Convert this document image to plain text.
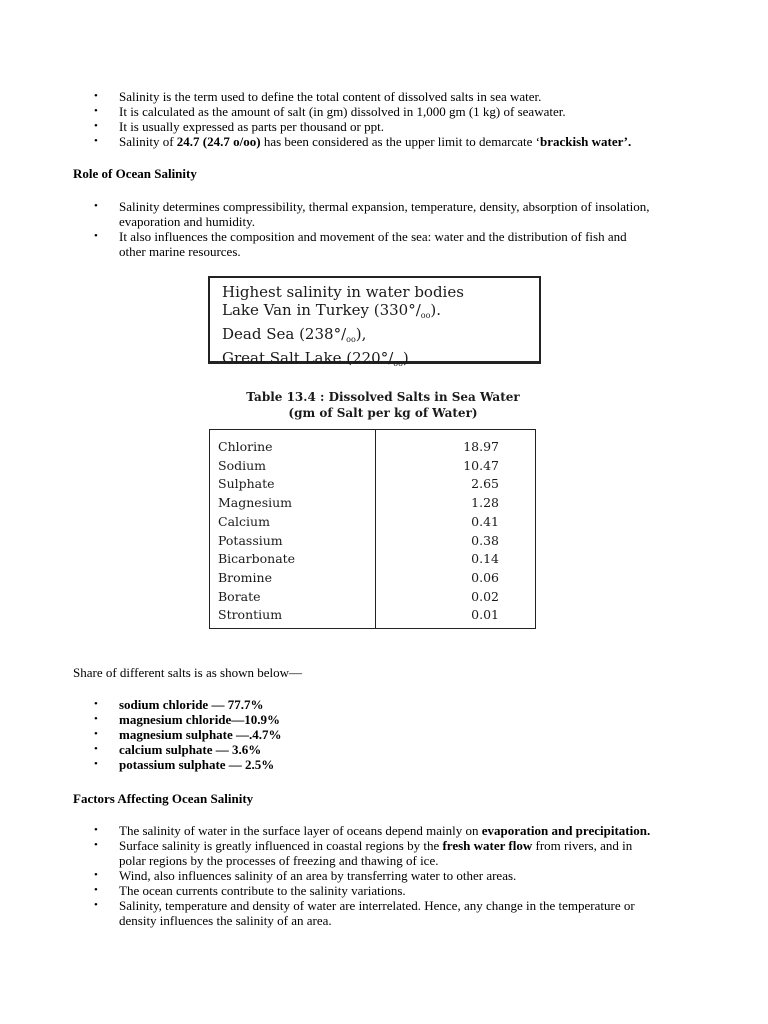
•	Salinity is the term used to define the total content of dissolved salts in sea water.
•	It is calculated as the amount of salt (in gm) dissolved in 1,000 gm (1 kg) of seawater.
•	It is usually expressed as parts per thousand or ppt.
•	Salinity of 24.7 (24.7 o/oo) has been considered as the upper limit to demarcate ‘brackish water’.
Role of Ocean Salinity
•	Salinity determines compressibility, thermal expansion, temperature, density, absorption of insolation,
evaporation and humidity.
•	It also influences the composition and movement of the sea: water and the distribution of fish and
other marine resources.
Highest salinity in water bodies
Lake Van in Turkey $(330^\circ/_{oo})$.
Dead Sea $(238^\circ/_{oo})$,
Great Salt Lake $(220^\circ/_{oo})$
Table 13.4 : Dissolved Salts in Sea Water
(gm of Salt per kg of Water)
Chlorine	18.97
Sodium	10.47
Sulphate	2.65
Magnesium	1.28
Calcium	0.41
Potassium	0.38
Bicarbonate	0.14
Bromine	0.06
Borate	0.02
Strontium	0.01
Share of different salts is as shown below—
•	sodium chloride — 77.7%
•	magnesium chloride—10.9%
•	magnesium sulphate —.4.7%
•	calcium sulphate — 3.6%
•	potassium sulphate — 2.5%
Factors Affecting Ocean Salinity
•	The salinity of water in the surface layer of oceans depend mainly on evaporation and precipitation.
•	Surface salinity is greatly influenced in coastal regions by the fresh water flow from rivers, and in
polar regions by the processes of freezing and thawing of ice.
•	Wind, also influences salinity of an area by transferring water to other areas.
•	The ocean currents contribute to the salinity variations.
•	Salinity, temperature and density of water are interrelated. Hence, any change in the temperature or
density influences the salinity of an area.
